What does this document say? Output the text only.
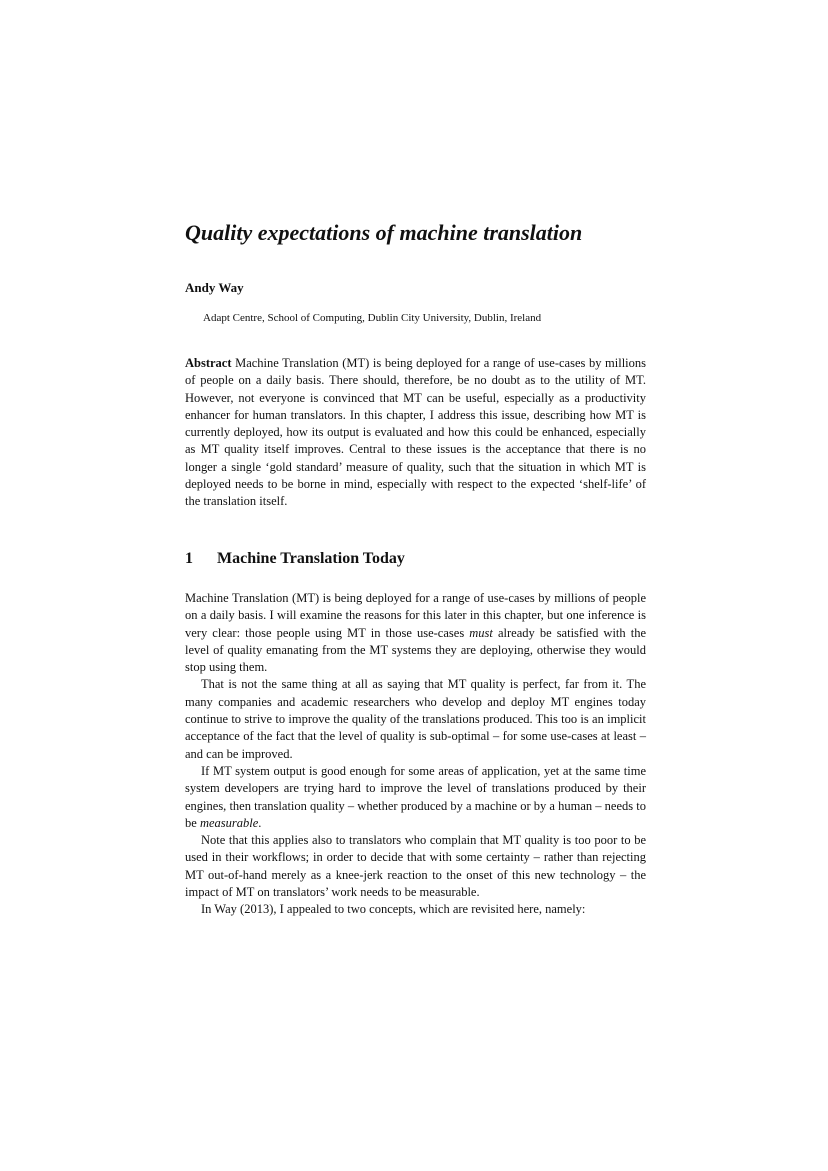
Quality expectations of machine translation
Andy Way
Adapt Centre, School of Computing, Dublin City University, Dublin, Ireland

Abstract Machine Translation (MT) is being deployed for a range of use-cases by millions of people on a daily basis. There should, therefore, be no doubt as to the utility of MT. However, not everyone is convinced that MT can be useful, especially as a productivity enhancer for human translators. In this chapter, I address this issue, describing how MT is currently deployed, how its output is evaluated and how this could be enhanced, especially as MT quality itself improves. Central to these issues is the acceptance that there is no longer a single ‘gold standard’ measure of quality, such that the situation in which MT is deployed needs to be borne in mind, especially with respect to the expected ‘shelf-life’ of the translation itself.

1 Machine Translation Today

Machine Translation (MT) is being deployed for a range of use-cases by millions of people on a daily basis. I will examine the reasons for this later in this chapter, but one inference is very clear: those people using MT in those use-cases must already be satisfied with the level of quality emanating from the MT systems they are deploying, otherwise they would stop using them.

That is not the same thing at all as saying that MT quality is perfect, far from it. The many companies and academic researchers who develop and deploy MT engines today continue to strive to improve the quality of the translations produced. This too is an implicit acceptance of the fact that the level of quality is sub-optimal – for some use-cases at least – and can be improved.

If MT system output is good enough for some areas of application, yet at the same time system developers are trying hard to improve the level of translations produced by their engines, then translation quality – whether produced by a machine or by a human – needs to be measurable.

Note that this applies also to translators who complain that MT quality is too poor to be used in their workflows; in order to decide that with some certainty – rather than rejecting MT out-of-hand merely as a knee-jerk reaction to the onset of this new technology – the impact of MT on translators’ work needs to be measurable.

In Way (2013), I appealed to two concepts, which are revisited here, namely:
